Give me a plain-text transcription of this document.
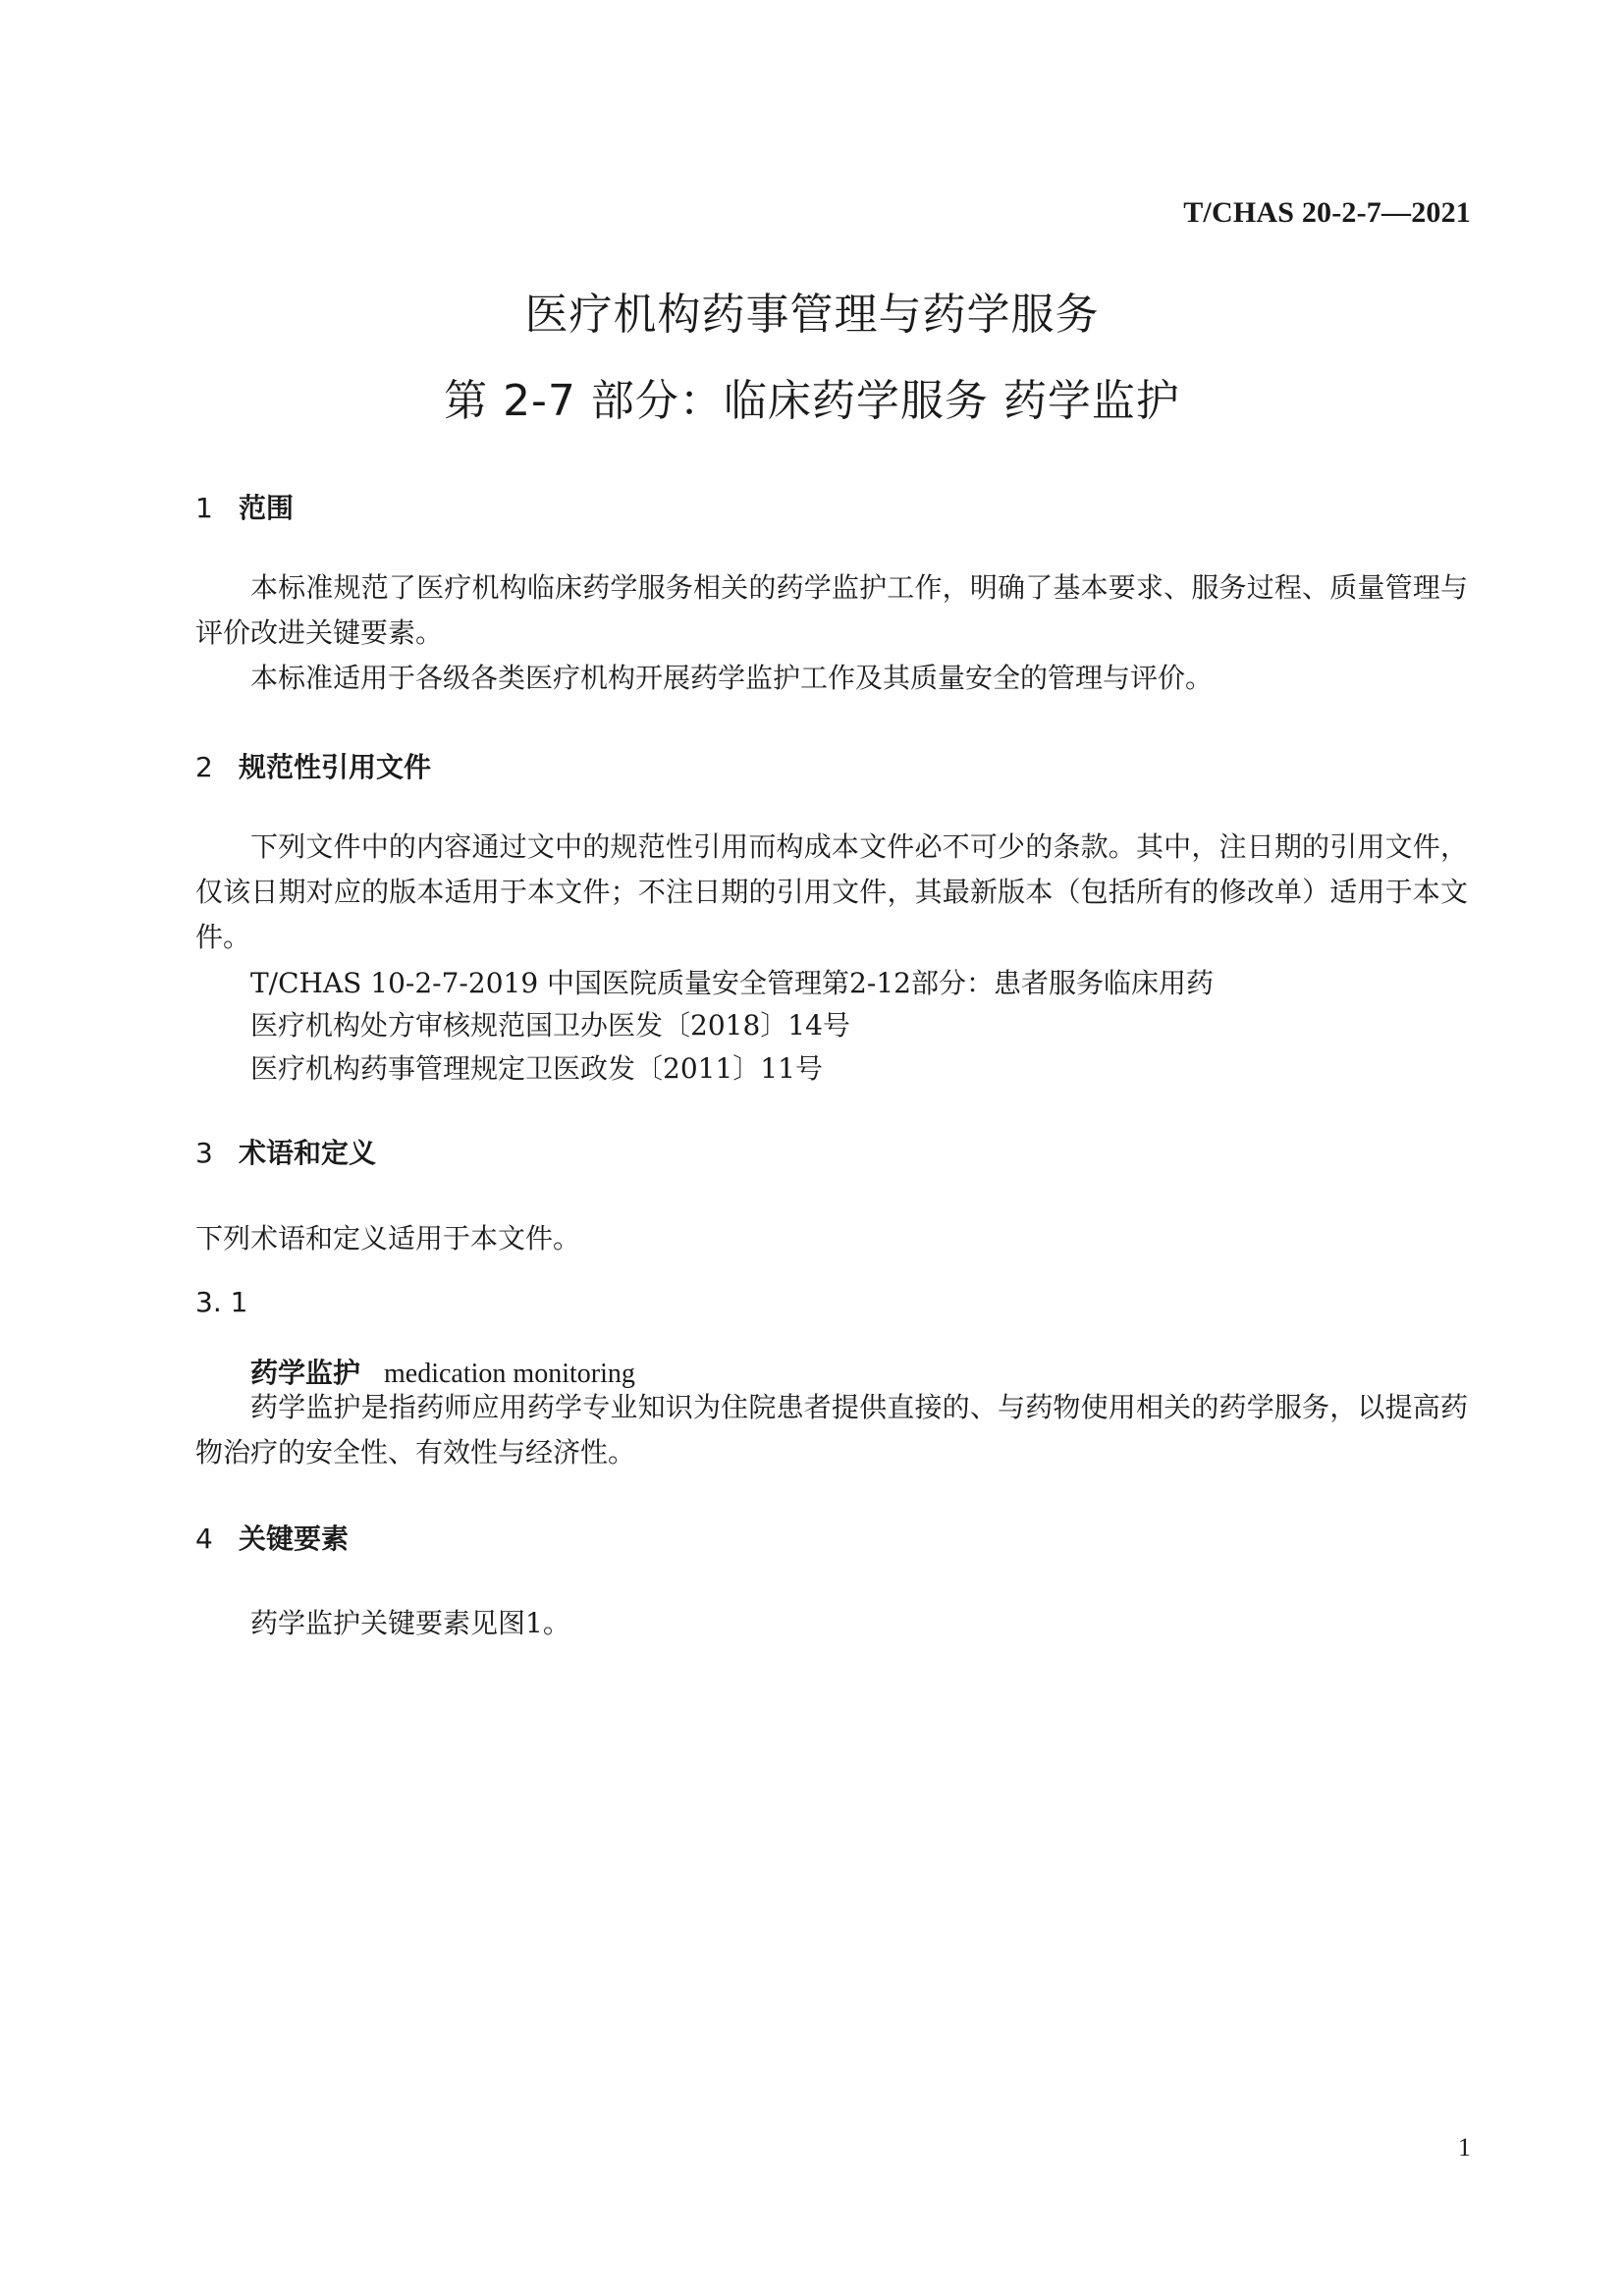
T/CHAS 20-2-7—2021
医疗机构药事管理与药学服务
第 2-7 部分：临床药学服务 药学监护
1 范围
本标准规范了医疗机构临床药学服务相关的药学监护工作，明确了基本要求、服务过程、质量管理与评价改进关键要素。
本标准适用于各级各类医疗机构开展药学监护工作及其质量安全的管理与评价。
2 规范性引用文件
下列文件中的内容通过文中的规范性引用而构成本文件必不可少的条款。其中，注日期的引用文件，仅该日期对应的版本适用于本文件；不注日期的引用文件，其最新版本（包括所有的修改单）适用于本文件。
T/CHAS 10-2-7-2019 中国医院质量安全管理第2-12部分：患者服务临床用药
医疗机构处方审核规范国卫办医发〔2018〕14号
医疗机构药事管理规定卫医政发〔2011〕11号
3 术语和定义
下列术语和定义适用于本文件。
3. 1
药学监护 medication monitoring
药学监护是指药师应用药学专业知识为住院患者提供直接的、与药物使用相关的药学服务，以提高药物治疗的安全性、有效性与经济性。
4 关键要素
药学监护关键要素见图1。
1
